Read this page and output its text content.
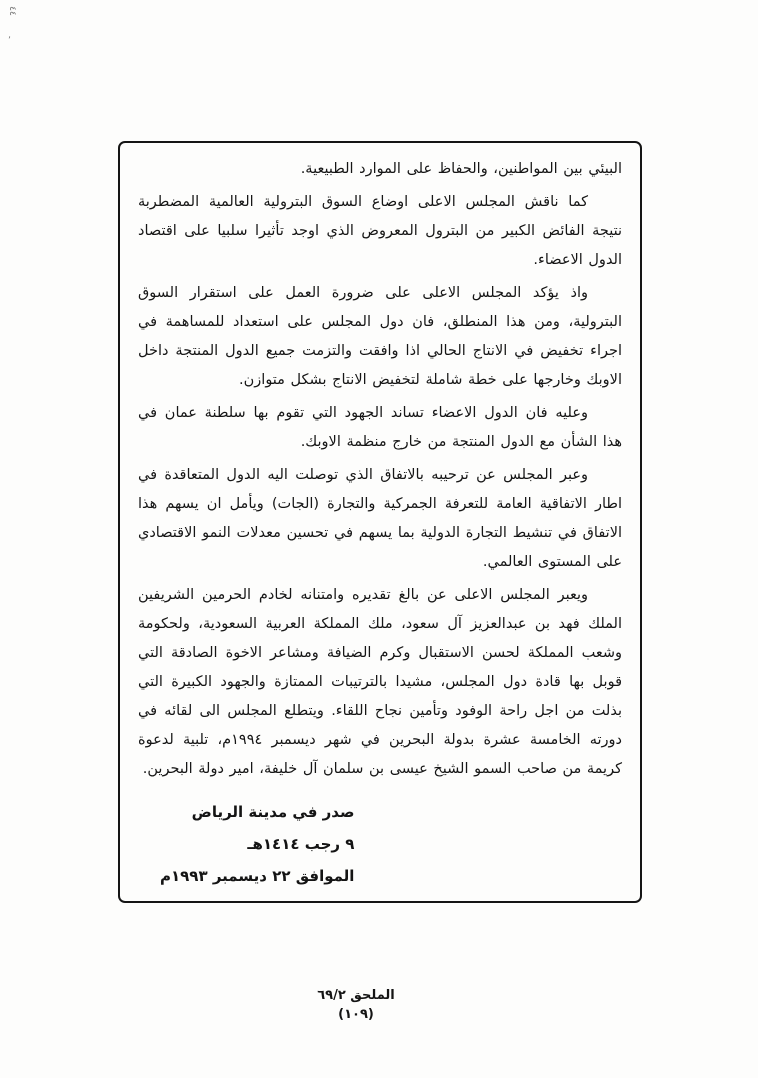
٤٤
٬

البيئي بين المواطنين، والحفاظ على الموارد الطبيعية.

كما ناقش المجلس الاعلى اوضاع السوق البترولية العالمية المضطربة نتيجة الفائض الكبير من البترول المعروض الذي اوجد تأثيرا سلبيا على اقتصاد الدول الاعضاء.

واذ يؤكد المجلس الاعلى على ضرورة العمل على استقرار السوق البترولية، ومن هذا المنطلق، فان دول المجلس على استعداد للمساهمة في اجراء تخفيض في الانتاج الحالي اذا وافقت والتزمت جميع الدول المنتجة داخل الاوبك وخارجها على خطة شاملة لتخفيض الانتاج بشكل متوازن.

وعليه فان الدول الاعضاء تساند الجهود التي تقوم بها سلطنة عمان في هذا الشأن مع الدول المنتجة من خارج منظمة الاوبك.

وعبر المجلس عن ترحيبه بالاتفاق الذي توصلت اليه الدول المتعاقدة في اطار الاتفاقية العامة للتعرفة الجمركية والتجارة (الجات) ويأمل ان يسهم هذا الاتفاق في تنشيط التجارة الدولية بما يسهم في تحسين معدلات النمو الاقتصادي على المستوى العالمي.

ويعبر المجلس الاعلى عن بالغ تقديره وامتنانه لخادم الحرمين الشريفين الملك فهد بن عبدالعزيز آل سعود، ملك المملكة العربية السعودية، ولحكومة وشعب المملكة لحسن الاستقبال وكرم الضيافة ومشاعر الاخوة الصادقة التي قوبل بها قادة دول المجلس، مشيدا بالترتيبات الممتازة والجهود الكبيرة التي بذلت من اجل راحة الوفود وتأمين نجاح اللقاء. ويتطلع المجلس الى لقائه في دورته الخامسة عشرة بدولة البحرين في شهر ديسمبر ١٩٩٤م، تلبية لدعوة كريمة من صاحب السمو الشيخ عيسى بن سلمان آل خليفة، امير دولة البحرين.

صدر في مدينة الرياض
٩ رجب ١٤١٤هـ
الموافق ٢٢ ديسمبر ١٩٩٣م
الملحق ٦٩/٢
(١٠٩)
